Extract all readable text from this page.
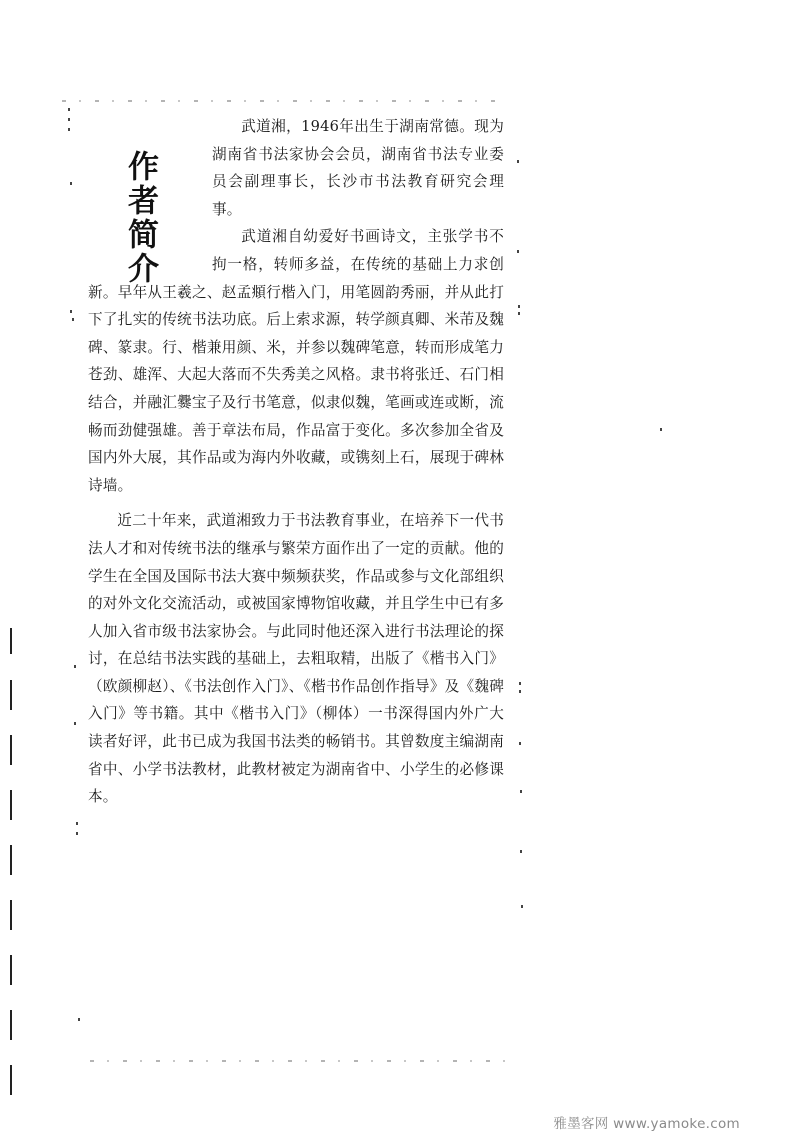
作者简介

武道湘，1946年出生于湖南常德。现为湖南省书法家协会会员，湖南省书法专业委员会副理事长，长沙市书法教育研究会理事。

武道湘自幼爱好书画诗文，主张学书不拘一格，转师多益，在传统的基础上力求创新。早年从王羲之、赵孟頫行楷入门，用笔圆韵秀丽，并从此打下了扎实的传统书法功底。后上索求源，转学颜真卿、米芾及魏碑、篆隶。行、楷兼用颜、米，并参以魏碑笔意，转而形成笔力苍劲、雄浑、大起大落而不失秀美之风格。隶书将张迁、石门相结合，并融汇爨宝子及行书笔意，似隶似魏，笔画或连或断，流畅而劲健强雄。善于章法布局，作品富于变化。多次参加全省及国内外大展，其作品或为海内外收藏，或镌刻上石，展现于碑林诗墙。

近二十年来，武道湘致力于书法教育事业，在培养下一代书法人才和对传统书法的继承与繁荣方面作出了一定的贡献。他的学生在全国及国际书法大赛中频频获奖，作品或参与文化部组织的对外文化交流活动，或被国家博物馆收藏，并且学生中已有多人加入省市级书法家协会。与此同时他还深入进行书法理论的探讨，在总结书法实践的基础上，去粗取精，出版了《楷书入门》（欧颜柳赵）、《书法创作入门》、《楷书作品创作指导》及《魏碑入门》等书籍。其中《楷书入门》（柳体）一书深得国内外广大读者好评，此书已成为我国书法类的畅销书。其曾数度主编湖南省中、小学书法教材，此教材被定为湖南省中、小学生的必修课本。

雅墨客网 www.yamoke.com
